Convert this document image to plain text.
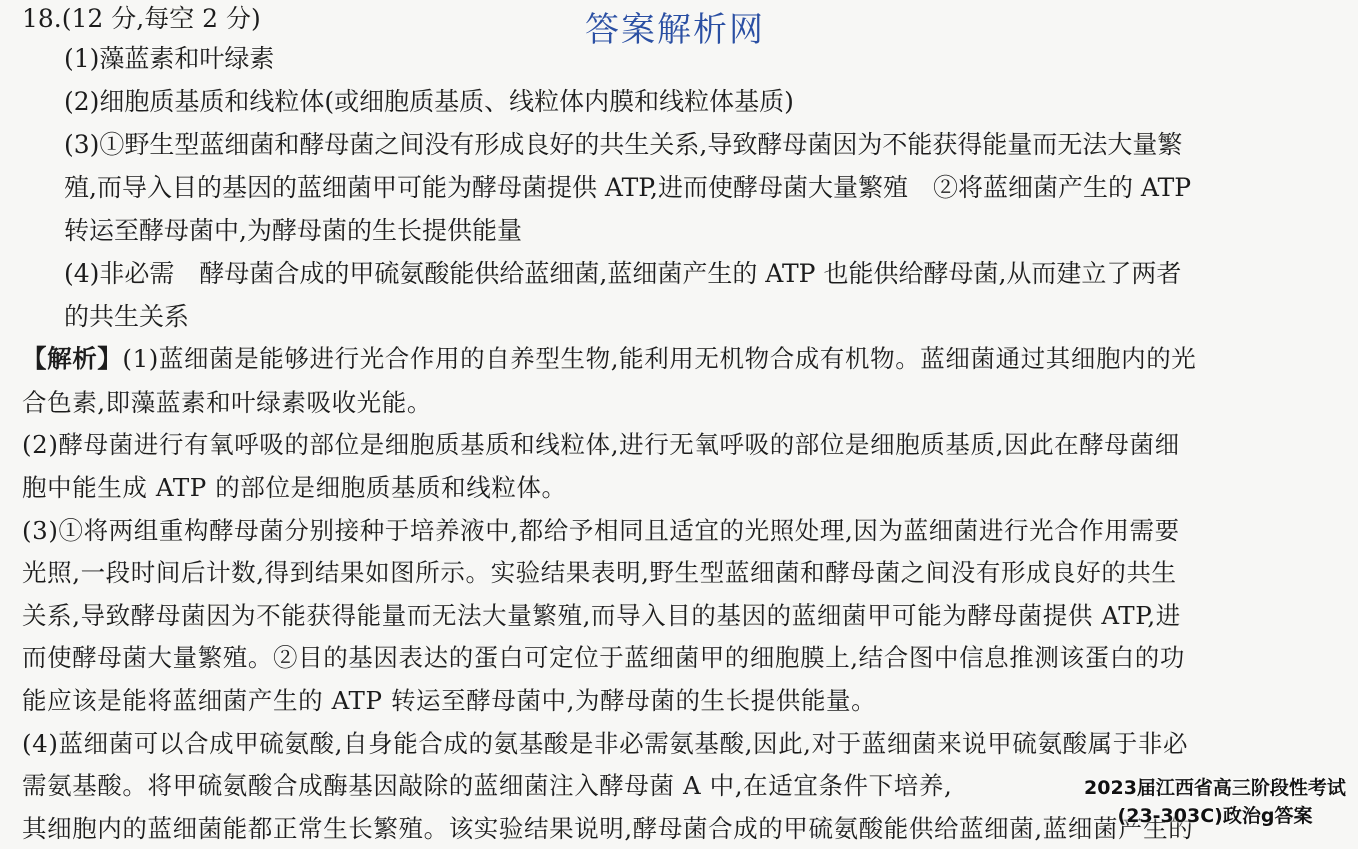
答案解析网
18.(12 分,每空 2 分)
(1)藻蓝素和叶绿素
(2)细胞质基质和线粒体(或细胞质基质、线粒体内膜和线粒体基质)
(3)①野生型蓝细菌和酵母菌之间没有形成良好的共生关系,导致酵母菌因为不能获得能量而无法大量繁
殖,而导入目的基因的蓝细菌甲可能为酵母菌提供 ATP,进而使酵母菌大量繁殖　②将蓝细菌产生的 ATP
转运至酵母菌中,为酵母菌的生长提供能量
(4)非必需　酵母菌合成的甲硫氨酸能供给蓝细菌,蓝细菌产生的 ATP 也能供给酵母菌,从而建立了两者
的共生关系
【解析】(1)蓝细菌是能够进行光合作用的自养型生物,能利用无机物合成有机物。蓝细菌通过其细胞内的光
合色素,即藻蓝素和叶绿素吸收光能。
(2)酵母菌进行有氧呼吸的部位是细胞质基质和线粒体,进行无氧呼吸的部位是细胞质基质,因此在酵母菌细
胞中能生成 ATP 的部位是细胞质基质和线粒体。
(3)①将两组重构酵母菌分别接种于培养液中,都给予相同且适宜的光照处理,因为蓝细菌进行光合作用需要
光照,一段时间后计数,得到结果如图所示。实验结果表明,野生型蓝细菌和酵母菌之间没有形成良好的共生
关系,导致酵母菌因为不能获得能量而无法大量繁殖,而导入目的基因的蓝细菌甲可能为酵母菌提供 ATP,进
而使酵母菌大量繁殖。②目的基因表达的蛋白可定位于蓝细菌甲的细胞膜上,结合图中信息推测该蛋白的功
能应该是能将蓝细菌产生的 ATP 转运至酵母菌中,为酵母菌的生长提供能量。
(4)蓝细菌可以合成甲硫氨酸,自身能合成的氨基酸是非必需氨基酸,因此,对于蓝细菌来说甲硫氨酸属于非必
需氨基酸。将甲硫氨酸合成酶基因敲除的蓝细菌注入酵母菌 A 中,在适宜条件下培养,
其细胞内的蓝细菌能都正常生长繁殖。该实验结果说明,酵母菌合成的甲硫氨酸能供给蓝细菌,蓝细菌产生的
2023届江西省高三阶段性考试
(23-303C)政治g答案
